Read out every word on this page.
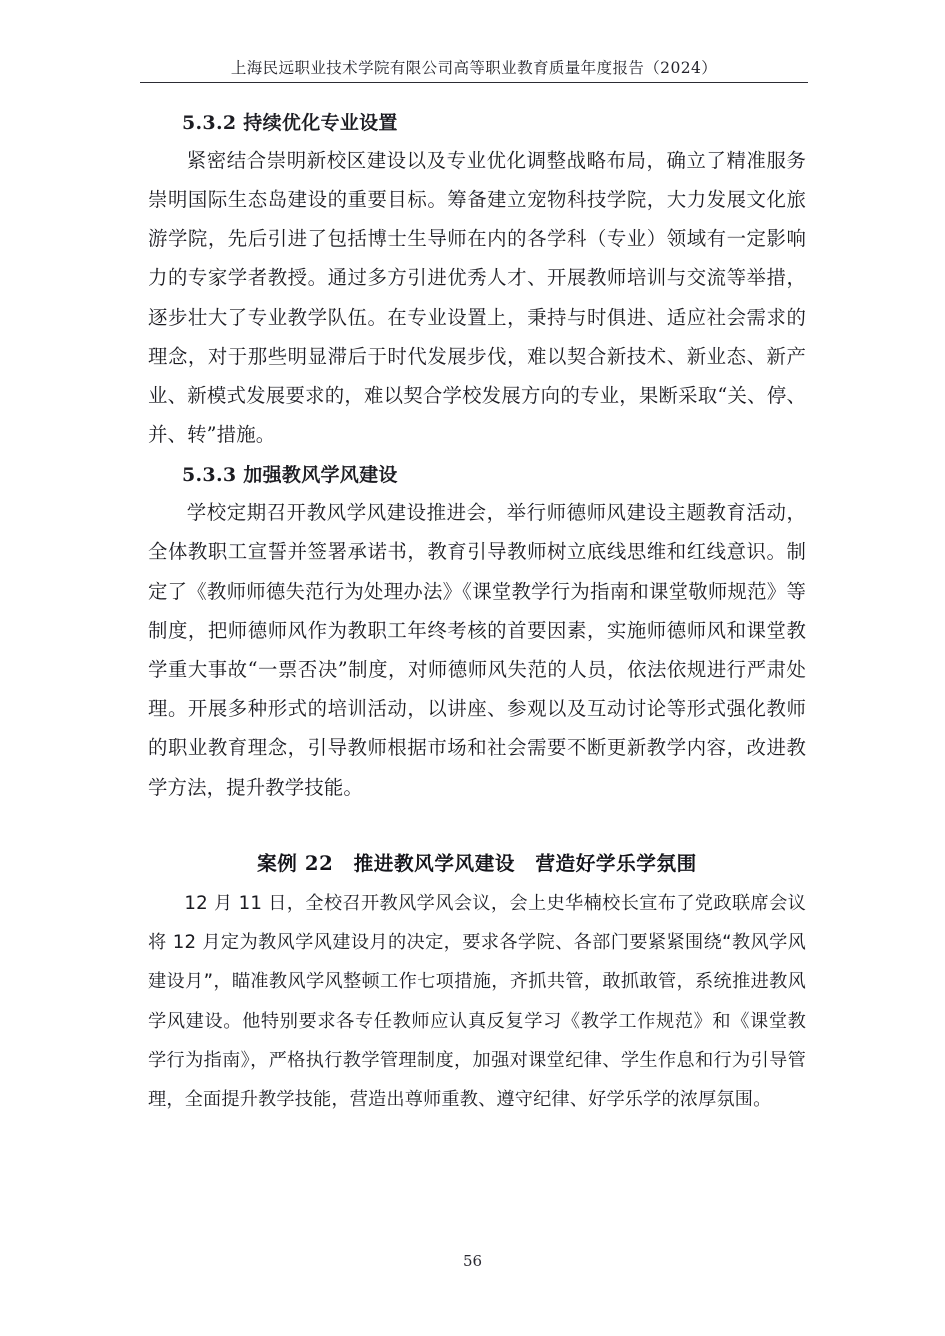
上海民远职业技术学院有限公司高等职业教育质量年度报告（2024）
5.3.2 持续优化专业设置

紧密结合崇明新校区建设以及专业优化调整战略布局，确立了精准服务崇明国际生态岛建设的重要目标。筹备建立宠物科技学院，大力发展文化旅游学院，先后引进了包括博士生导师在内的各学科（专业）领域有一定影响力的专家学者教授。通过多方引进优秀人才、开展教师培训与交流等举措，逐步壮大了专业教学队伍。在专业设置上，秉持与时俱进、适应社会需求的理念，对于那些明显滞后于时代发展步伐，难以契合新技术、新业态、新产业、新模式发展要求的，难以契合学校发展方向的专业，果断采取“关、停、并、转”措施。

5.3.3 加强教风学风建设

学校定期召开教风学风建设推进会，举行师德师风建设主题教育活动，全体教职工宣誓并签署承诺书，教育引导教师树立底线思维和红线意识。制定了《教师师德失范行为处理办法》《课堂教学行为指南和课堂敬师规范》等制度，把师德师风作为教职工年终考核的首要因素，实施师德师风和课堂教学重大事故“一票否决”制度，对师德师风失范的人员，依法依规进行严肃处理。开展多种形式的培训活动，以讲座、参观以及互动讨论等形式强化教师的职业教育理念，引导教师根据市场和社会需要不断更新教学内容，改进教学方法，提升教学技能。

案例 22　推进教风学风建设　营造好学乐学氛围

12 月 11 日，全校召开教风学风会议，会上史华楠校长宣布了党政联席会议将 12 月定为教风学风建设月的决定，要求各学院、各部门要紧紧围绕“教风学风建设月”，瞄准教风学风整顿工作七项措施，齐抓共管，敢抓敢管，系统推进教风学风建设。他特别要求各专任教师应认真反复学习《教学工作规范》和《课堂教学行为指南》，严格执行教学管理制度，加强对课堂纪律、学生作息和行为引导管理，全面提升教学技能，营造出尊师重教、遵守纪律、好学乐学的浓厚氛围。

56
